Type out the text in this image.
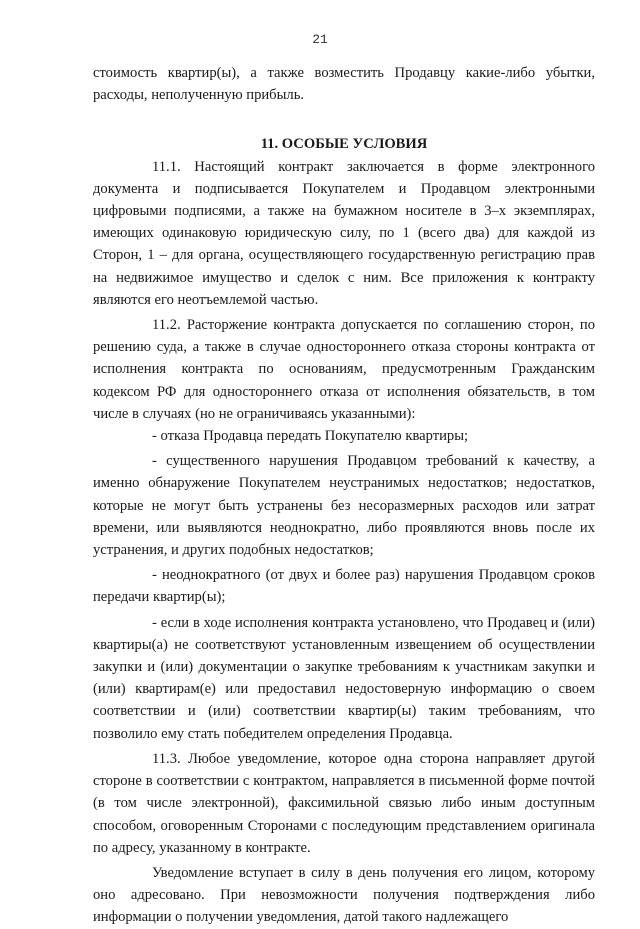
21

стоимость квартир(ы), а также возместить Продавцу какие-либо убытки, расходы, неполученную прибыль.

11. ОСОБЫЕ УСЛОВИЯ

11.1. Настоящий контракт заключается в форме электронного документа и подписывается Покупателем и Продавцом электронными цифровыми подписями, а также на бумажном носителе в 3–х экземплярах, имеющих одинаковую юридическую силу, по 1 (всего два) для каждой из Сторон, 1 – для органа, осуществляющего государственную регистрацию прав на недвижимое имущество и сделок с ним. Все приложения к контракту являются его неотъемлемой частью.

11.2. Расторжение контракта допускается по соглашению сторон, по решению суда, а также в случае одностороннего отказа стороны контракта от исполнения контракта по основаниям, предусмотренным Гражданским кодексом РФ для одностороннего отказа от исполнения обязательств, в том числе в случаях (но не ограничиваясь указанными):

- отказа Продавца передать Покупателю квартиры;

- существенного нарушения Продавцом требований к качеству, а именно обнаружение Покупателем неустранимых недостатков; недостатков, которые не могут быть устранены без несоразмерных расходов или затрат времени, или выявляются неоднократно, либо проявляются вновь после их устранения, и других подобных недостатков;

- неоднократного (от двух и более раз) нарушения Продавцом сроков передачи квартир(ы);

- если в ходе исполнения контракта установлено, что Продавец и (или) квартиры(а) не соответствуют установленным извещением об осуществлении закупки и (или) документации о закупке требованиям к участникам закупки и (или) квартирам(е) или предоставил недостоверную информацию о своем соответствии и (или) соответствии квартир(ы) таким требованиям, что позволило ему стать победителем определения Продавца.

11.3. Любое уведомление, которое одна сторона направляет другой стороне в соответствии с контрактом, направляется в письменной форме почтой (в том числе электронной), факсимильной связью либо иным доступным способом, оговоренным Сторонами с последующим представлением оригинала по адресу, указанному в контракте.

Уведомление вступает в силу в день получения его лицом, которому оно адресовано. При невозможности получения подтверждения либо информации о получении уведомления, датой такого надлежащего
